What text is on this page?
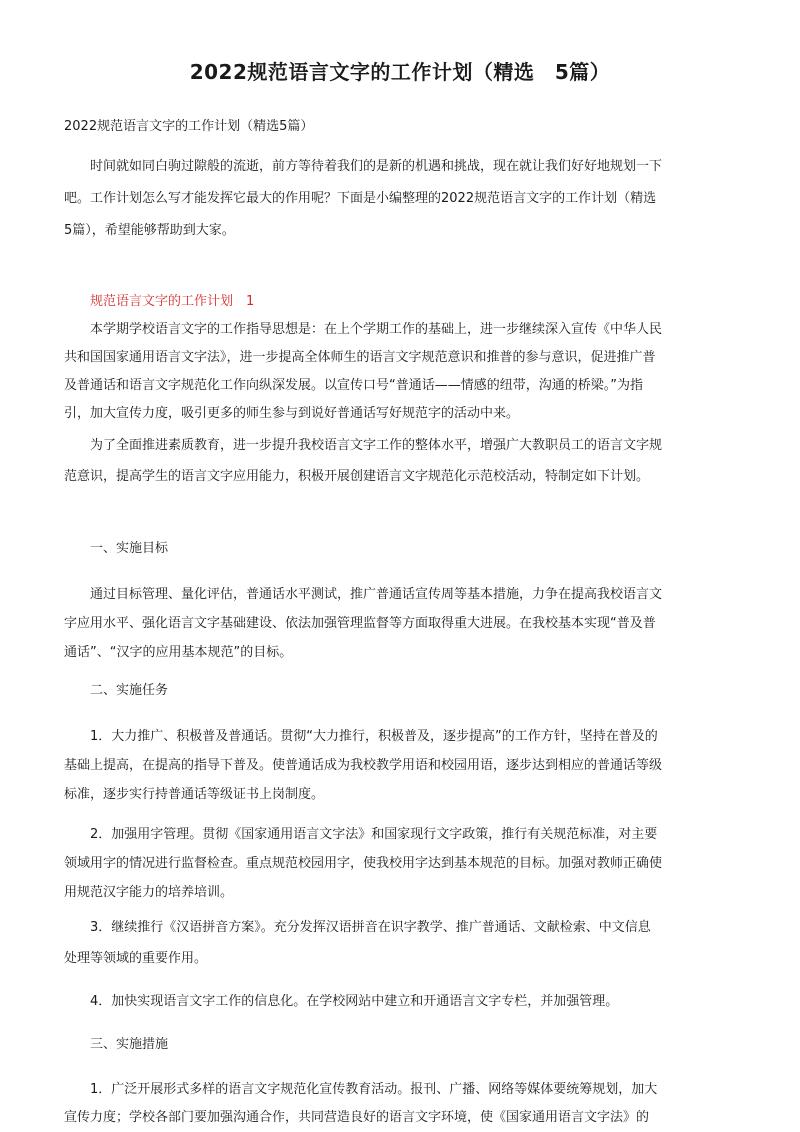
2022规范语言文字的工作计划（精选　5篇）

2022规范语言文字的工作计划（精选5篇）

时间就如同白驹过隙般的流逝，前方等待着我们的是新的机遇和挑战，现在就让我们好好地规划一下吧。工作计划怎么写才能发挥它最大的作用呢？下面是小编整理的2022规范语言文字的工作计划（精选5篇），希望能够帮助到大家。

规范语言文字的工作计划　1

本学期学校语言文字的工作指导思想是：在上个学期工作的基础上，进一步继续深入宣传《中华人民共和国国家通用语言文字法》，进一步提高全体师生的语言文字规范意识和推普的参与意识，促进推广普及普通话和语言文字规范化工作向纵深发展。以宣传口号“普通话——情感的纽带，沟通的桥梁。”为指引，加大宣传力度，吸引更多的师生参与到说好普通话写好规范字的活动中来。

为了全面推进素质教育，进一步提升我校语言文字工作的整体水平，增强广大教职员工的语言文字规范意识，提高学生的语言文字应用能力，积极开展创建语言文字规范化示范校活动，特制定如下计划。

一、实施目标

通过目标管理、量化评估，普通话水平测试，推广普通话宣传周等基本措施，力争在提高我校语言文字应用水平、强化语言文字基础建设、依法加强管理监督等方面取得重大进展。在我校基本实现“普及普通话”、“汉字的应用基本规范”的目标。

二、实施任务

1．大力推广、积极普及普通话。贯彻“大力推行，积极普及，逐步提高”的工作方针，坚持在普及的基础上提高，在提高的指导下普及。使普通话成为我校教学用语和校园用语，逐步达到相应的普通话等级标准，逐步实行持普通话等级证书上岗制度。

2．加强用字管理。贯彻《国家通用语言文字法》和国家现行文字政策，推行有关规范标准，对主要领域用字的情况进行监督检查。重点规范校园用字，使我校用字达到基本规范的目标。加强对教师正确使用规范汉字能力的培养培训。

3．继续推行《汉语拼音方案》。充分发挥汉语拼音在识字教学、推广普通话、文献检索、中文信息处理等领域的重要作用。

4．加快实现语言文字工作的信息化。在学校网站中建立和开通语言文字专栏，并加强管理。

三、实施措施

1．广泛开展形式多样的语言文字规范化宣传教育活动。报刊、广播、网络等媒体要统筹规划，加大宣传力度；学校各部门要加强沟通合作，共同营造良好的语言文字环境，使《国家通用语言文字法》的
